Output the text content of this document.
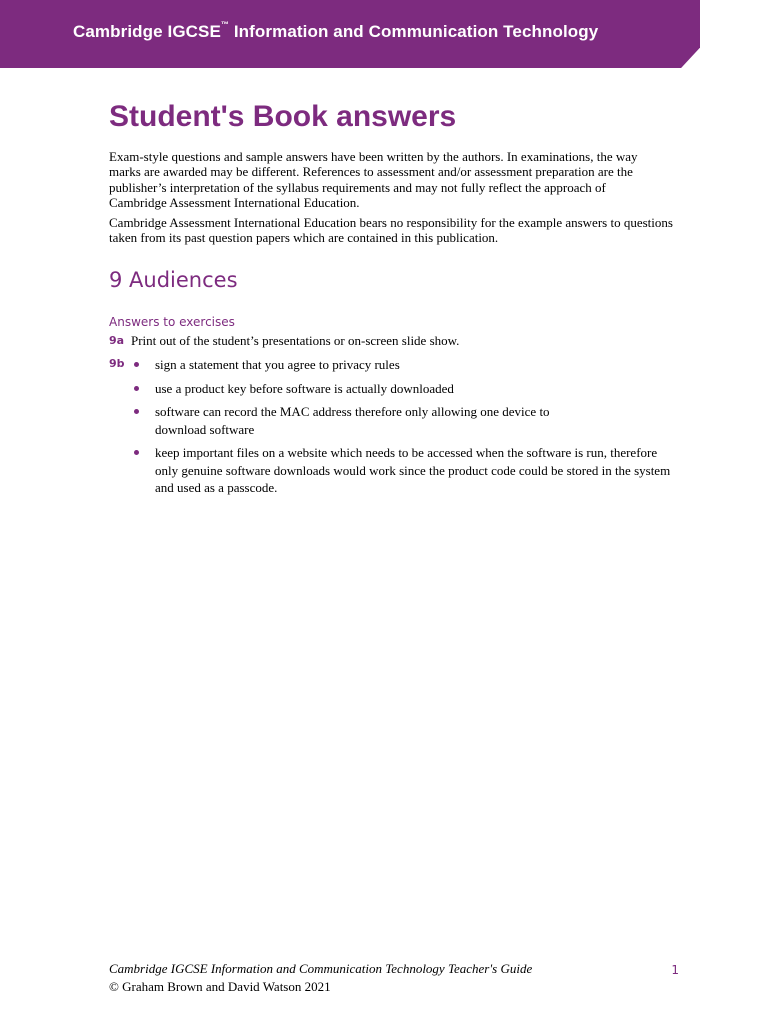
Cambridge IGCSE™ Information and Communication Technology
Student's Book answers

Exam-style questions and sample answers have been written by the authors. In examinations, the way marks are awarded may be different. References to assessment and/or assessment preparation are the publisher’s interpretation of the syllabus requirements and may not fully reflect the approach of Cambridge Assessment International Education.

Cambridge Assessment International Education bears no responsibility for the example answers to questions taken from its past question papers which are contained in this publication.

9 Audiences
Answers to exercises
9a Print out of the student’s presentations or on-screen slide show.
9b	sign a statement that you agree to privacy rules
use a product key before software is actually downloaded
software can record the MAC address therefore only allowing one device to download software
keep important files on a website which needs to be accessed when the software is run, therefore only genuine software downloads would work since the product code could be stored in the system and used as a passcode.
Cambridge IGCSE Information and Communication Technology Teacher's Guide
© Graham Brown and David Watson 2021
1
